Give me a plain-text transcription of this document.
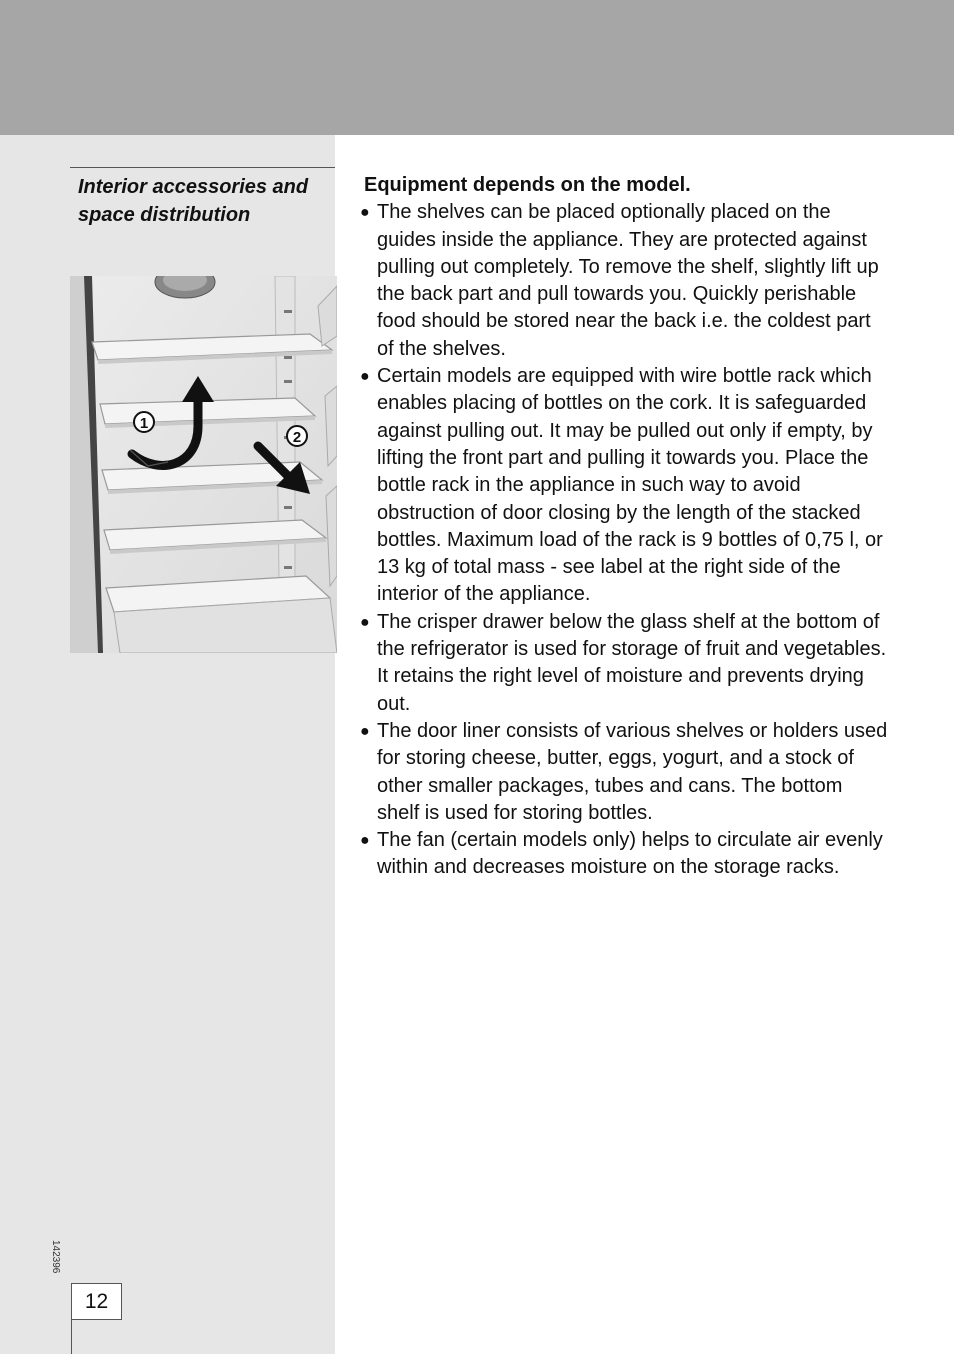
Interior accessories and space distribution
1
2
142396
12

Equipment depends on the model.

● The shelves can be placed optionally placed on the guides inside the appliance. They are protected against pulling out completely. To remove the shelf, slightly lift up the back part and pull towards you. Quickly perishable food should be stored near the back i.e. the coldest part of the shelves.
● Certain models are equipped with wire bottle rack which enables placing of bottles on the cork. It is safeguarded against pulling out. It may be pulled out only if empty, by lifting the front part and pulling it towards you. Place the bottle rack in the appliance in such way to avoid obstruction of door closing by the length of the stacked bottles. Maximum load of the rack is 9 bottles of 0,75 l, or 13 kg of total mass - see label at the right side of the interior of the appliance.
● The crisper drawer below the glass shelf at the bottom of the refrigerator is used for storage of fruit and vegetables. It retains the right level of moisture and prevents drying out.
● The door liner consists of various shelves or holders used for storing cheese, butter, eggs, yogurt, and a stock of other smaller packages, tubes and cans. The bottom shelf is used for storing bottles.
● The fan (certain models only) helps to circulate air evenly within and decreases moisture on the storage racks.
